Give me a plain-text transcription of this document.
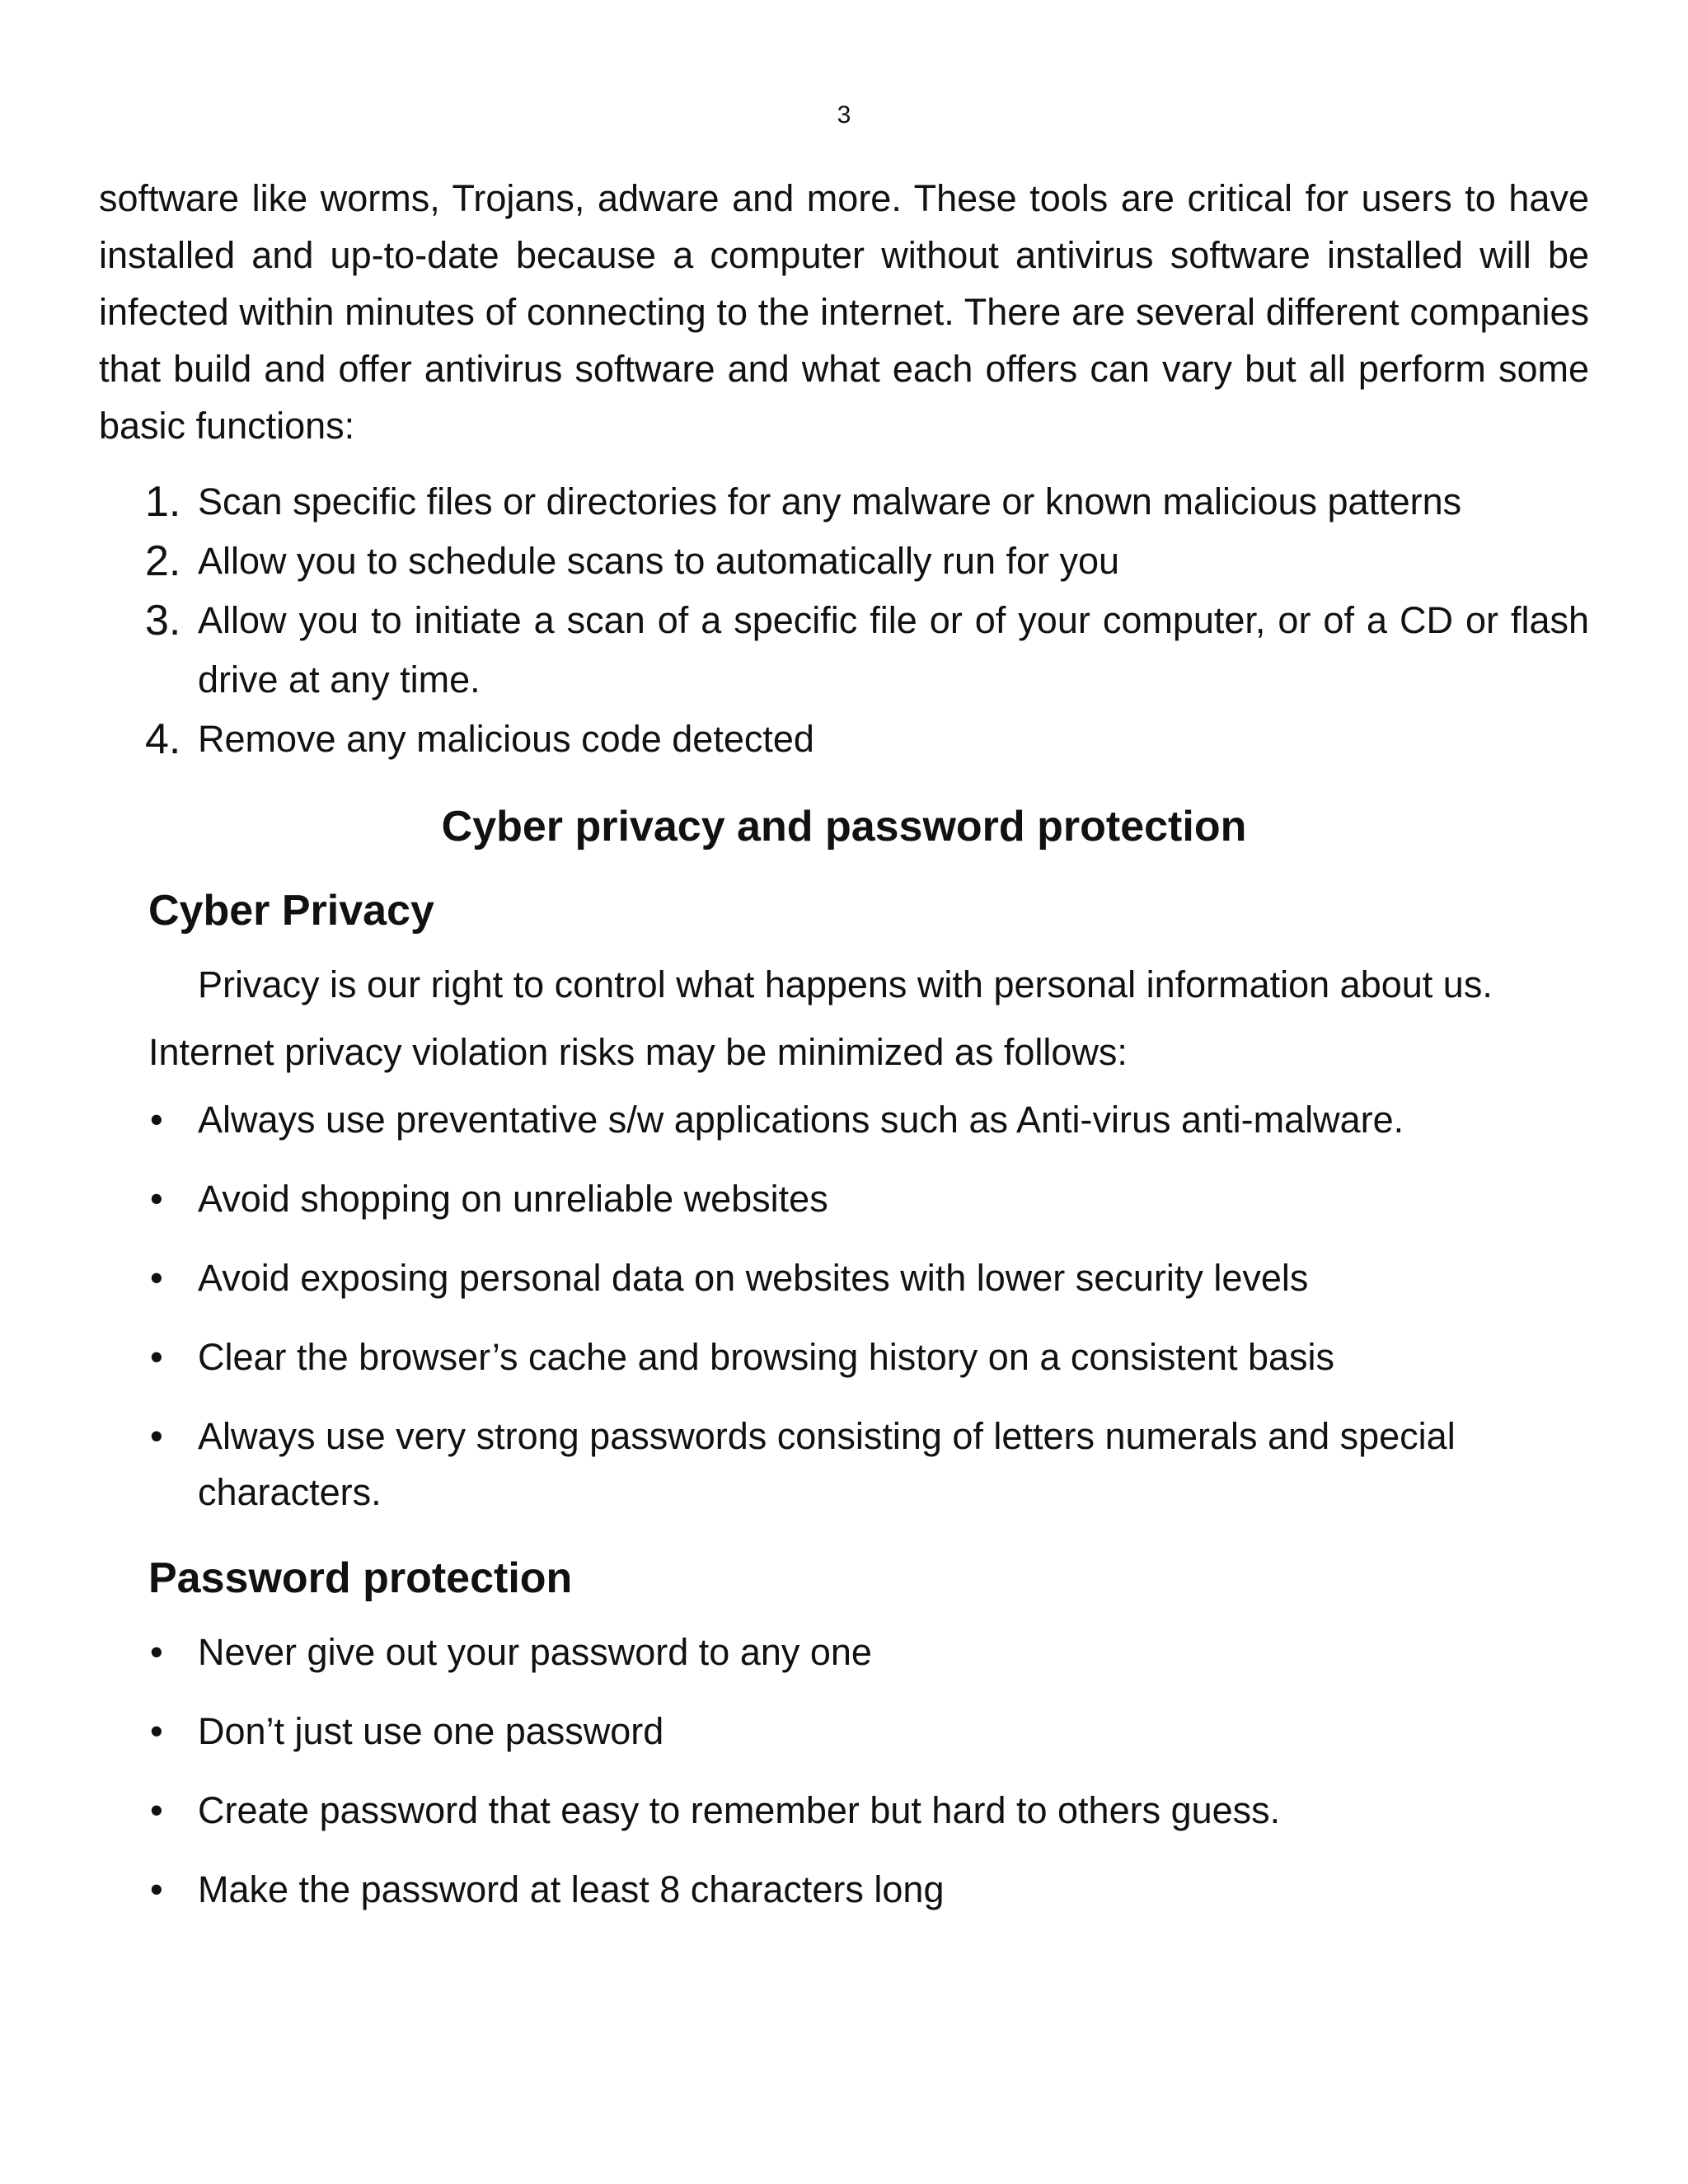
3

software like worms, Trojans, adware and more. These tools are critical for users to have installed and up-to-date because a computer without antivirus software installed will be infected within minutes of connecting to the internet. There are several different companies that build and offer antivirus software and what each offers can vary but all perform some basic functions:

1. Scan specific files or directories for any malware or known malicious patterns
2. Allow you to schedule scans to automatically run for you
3. Allow you to initiate a scan of a specific file or of your computer, or of a CD or flash drive at any time.
4. Remove any malicious code detected
Cyber privacy and password protection
Cyber Privacy

Privacy is our right to control what happens with personal information about us.

Internet privacy violation risks may be minimized as follows:

• Always use preventative s/w applications such as Anti-virus anti-malware.
• Avoid shopping on unreliable websites
• Avoid exposing personal data on websites with lower security levels
• Clear the browser’s cache and browsing history on a consistent basis
• Always use very strong passwords consisting of letters numerals and special characters.
Password protection
• Never give out your password to any one
• Don’t just use one password
• Create password that easy to remember but hard to others guess.
• Make the password at least 8 characters long
